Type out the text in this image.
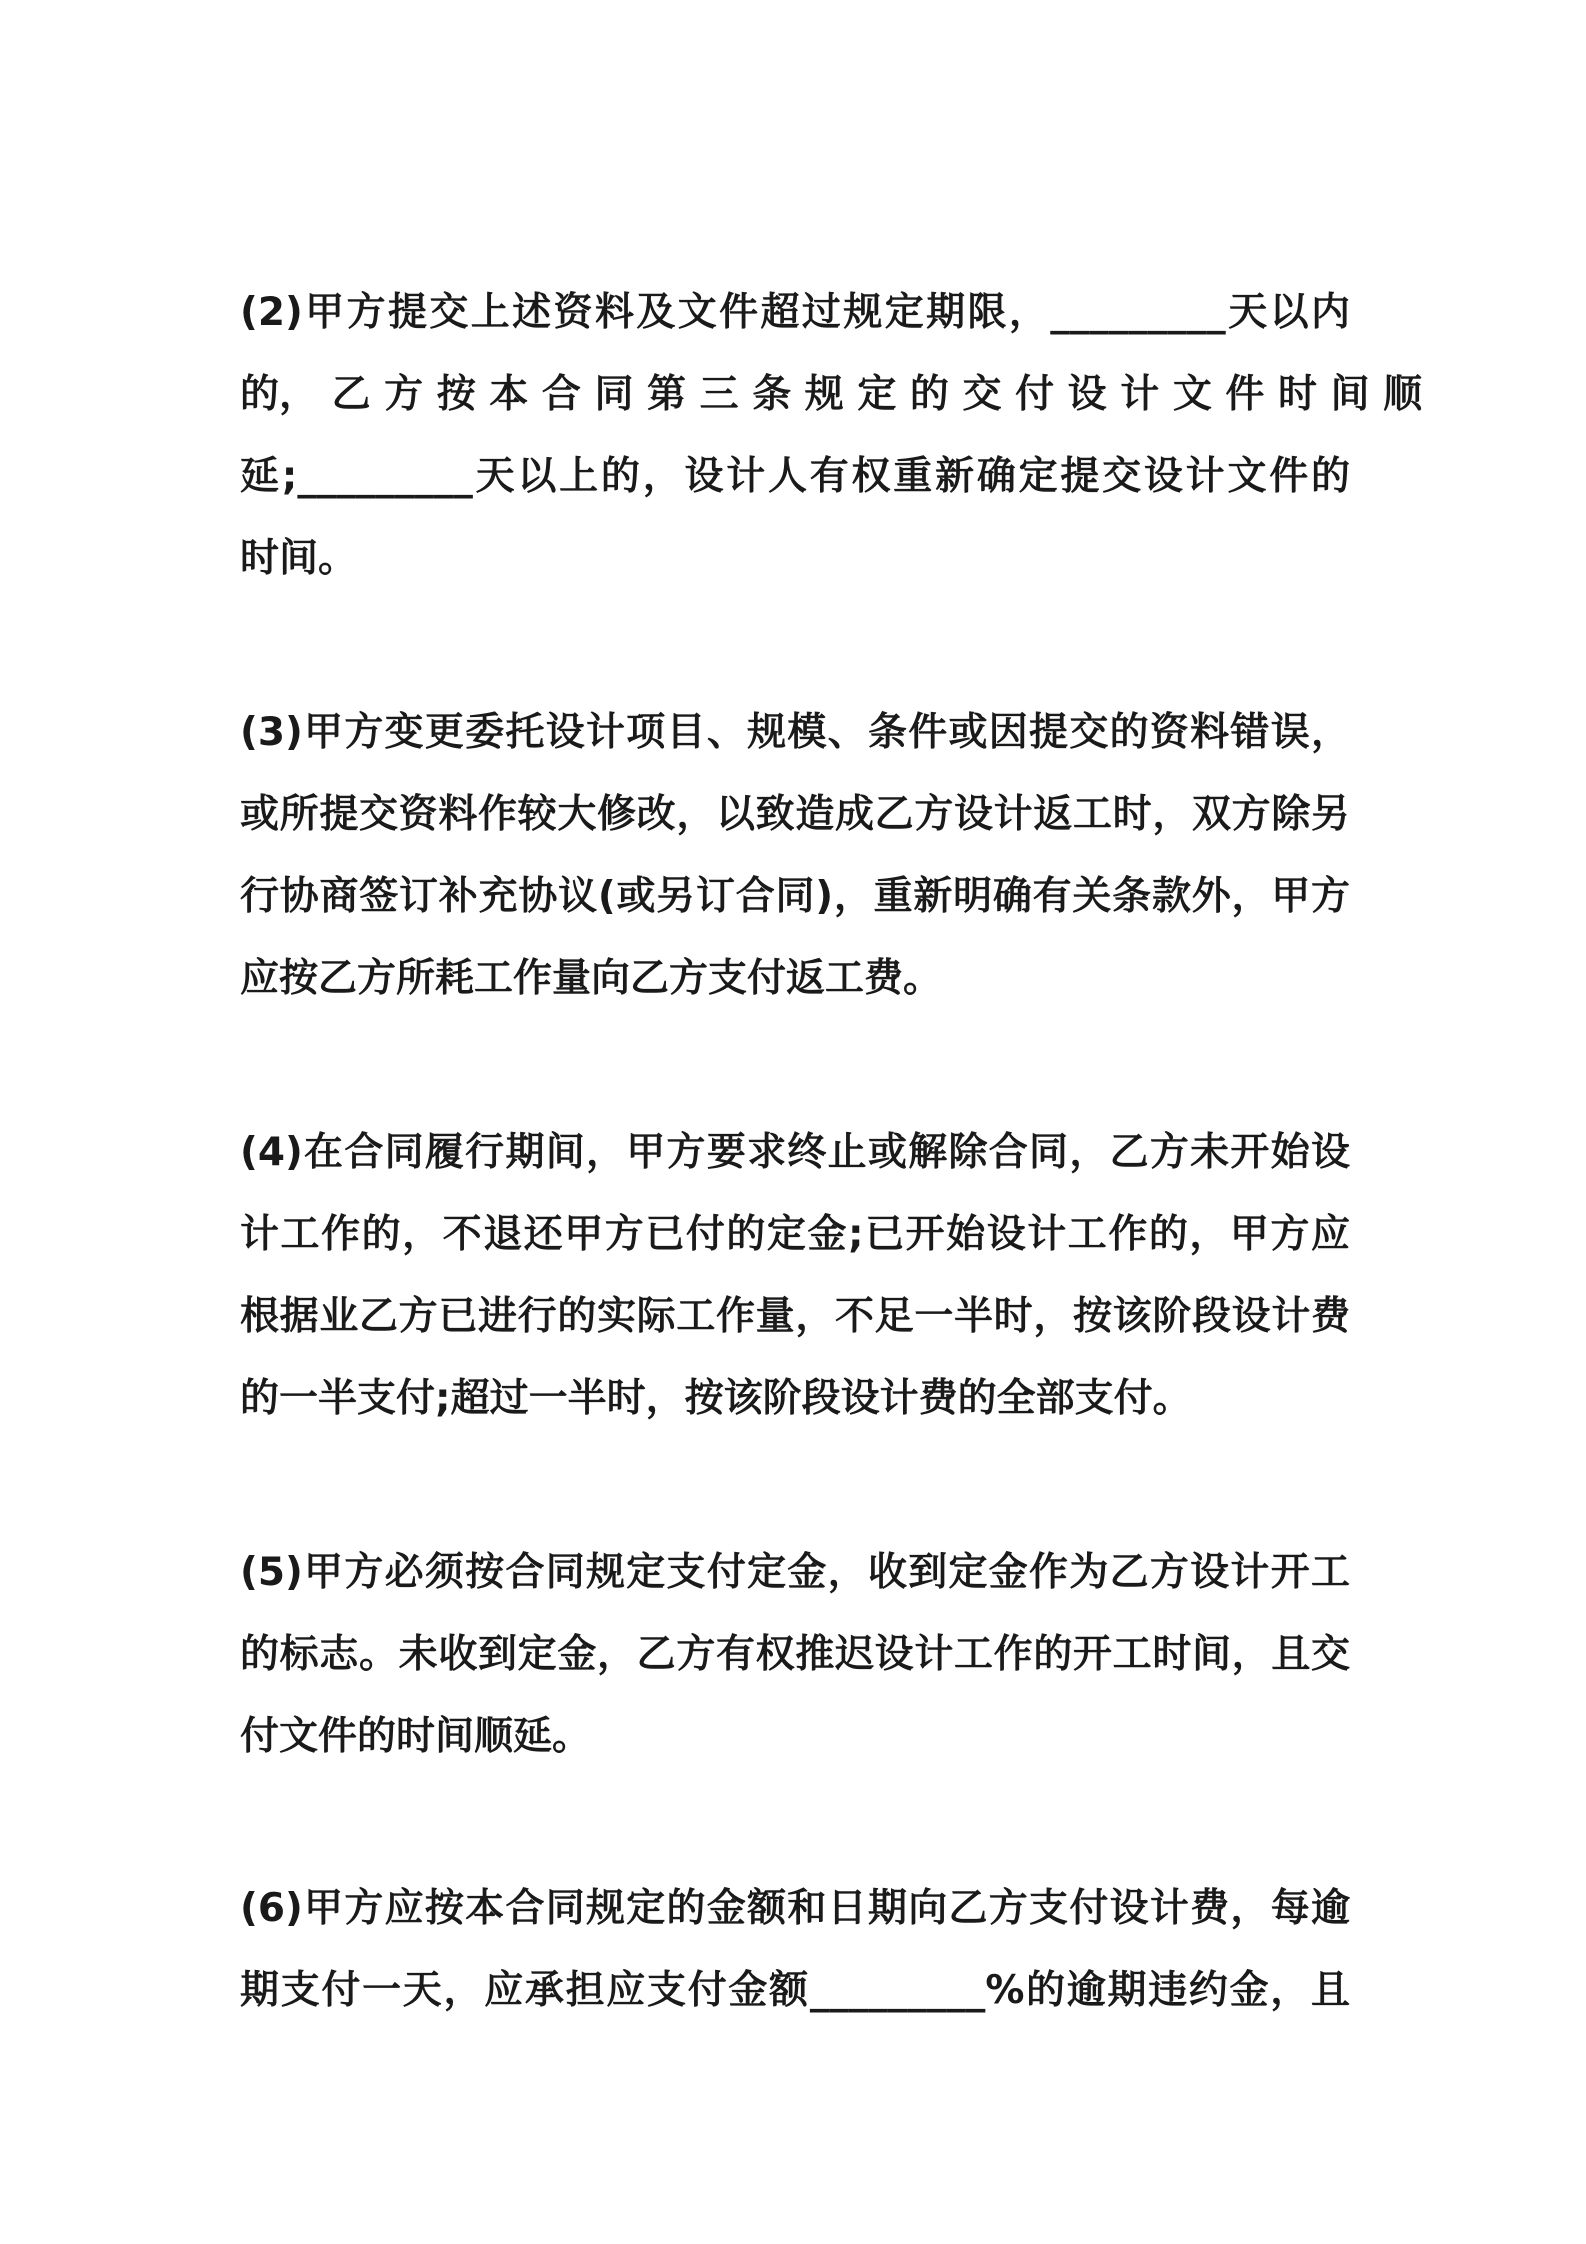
(2)甲方提交上述资料及文件超过规定期限，_________天以内
的， 乙 方 按 本 合 同 第 三 条 规 定 的 交 付 设 计 文 件 时 间 顺
延;_________天以上的，设计人有权重新确定提交设计文件的
时间。
(3)甲方变更委托设计项目、规模、条件或因提交的资料错误，
或所提交资料作较大修改，以致造成乙方设计返工时，双方除另
行协商签订补充协议(或另订合同)，重新明确有关条款外，甲方
应按乙方所耗工作量向乙方支付返工费。
(4)在合同履行期间，甲方要求终止或解除合同，乙方未开始设
计工作的，不退还甲方已付的定金;已开始设计工作的，甲方应
根据业乙方已进行的实际工作量，不足一半时，按该阶段设计费
的一半支付;超过一半时，按该阶段设计费的全部支付。
(5)甲方必须按合同规定支付定金，收到定金作为乙方设计开工
的标志。未收到定金，乙方有权推迟设计工作的开工时间，且交
付文件的时间顺延。
(6)甲方应按本合同规定的金额和日期向乙方支付设计费，每逾
期支付一天，应承担应支付金额_________%的逾期违约金，且
